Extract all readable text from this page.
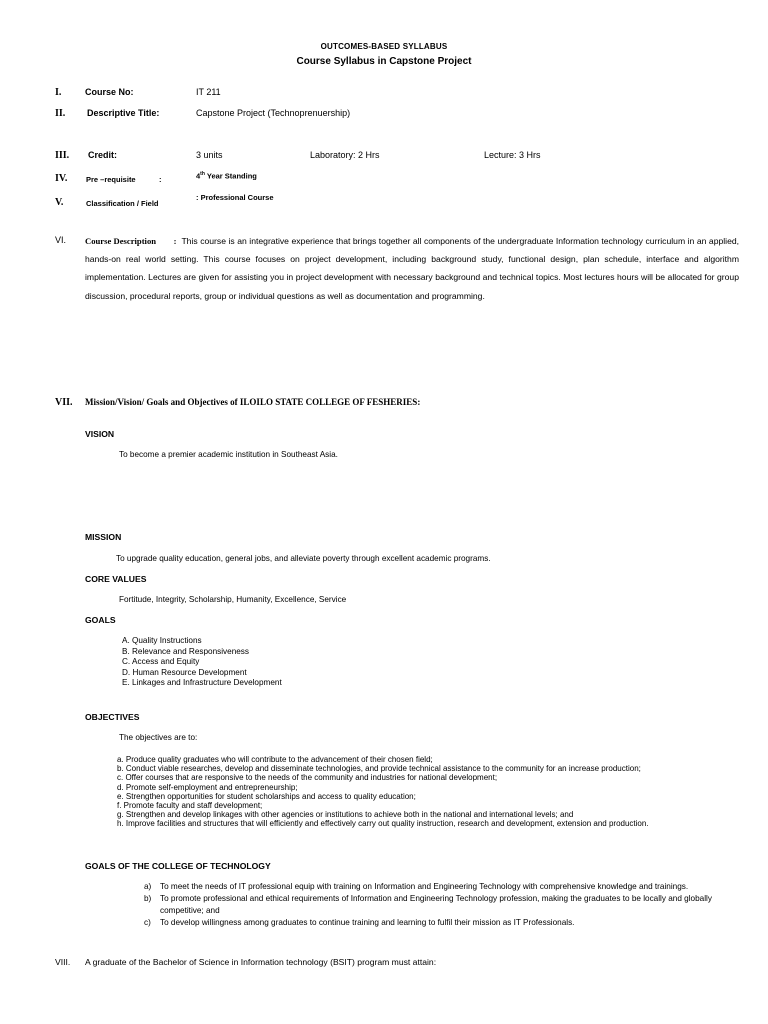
OUTCOMES-BASED SYLLABUS
Course Syllabus in Capstone Project
I.	Course No:	IT 211
II. Descriptive Title:	Capstone Project (Technoprenuership)
III. Credit:	3 units	Laboratory: 2 Hrs	Lecture: 3 Hrs
IV. Pre –requisite	:	4th Year Standing
V.	Classification / Field
: Professional Course
VI. Course Description : This course is an integrative experience that brings together all components of the undergraduate Information technology curriculum in an applied, hands-on real world setting. This course focuses on project development, including background study, functional design, plan schedule, interface and algorithm implementation. Lectures are given for assisting you in project development with necessary background and technical topics. Most lectures hours will be allocated for group discussion, procedural reports, group or individual questions as well as documentation and programming.
VII. Mission/Vision/ Goals and Objectives of ILOILO STATE COLLEGE OF FESHERIES:
VISION
To become a premier academic institution in Southeast Asia.
MISSION
To upgrade quality education, general jobs, and alleviate poverty through excellent academic programs.
CORE VALUES
Fortitude, Integrity, Scholarship, Humanity, Excellence, Service
GOALS
A. Quality Instructions
B. Relevance and Responsiveness
C. Access and Equity
D. Human Resource Development
E. Linkages and Infrastructure Development
OBJECTIVES
The objectives are to:
a. Produce quality graduates who will contribute to the advancement of their chosen field;
b. Conduct viable researches, develop and disseminate technologies, and provide technical assistance to the community for an increase production;
c. Offer courses that are responsive to the needs of the community and industries for national development;
d. Promote self-employment and entrepreneurship;
e. Strengthen opportunities for student scholarships and access to quality education;
f. Promote faculty and staff development;
g. Strengthen and develop linkages with other agencies or institutions to achieve both in the national and international levels; and
h. Improve facilities and structures that will efficiently and effectively carry out quality instruction, research and development, extension and production.
GOALS OF THE COLLEGE OF TECHNOLOGY
a) To meet the needs of IT professional equip with training on Information and Engineering Technology with comprehensive knowledge and trainings.
b) To promote professional and ethical requirements of Information and Engineering Technology profession, making the graduates to be locally and globally competitive; and
c) To develop willingness among graduates to continue training and learning to fulfil their mission as IT Professionals.
VIII. A graduate of the Bachelor of Science in Information technology (BSIT) program must attain:
